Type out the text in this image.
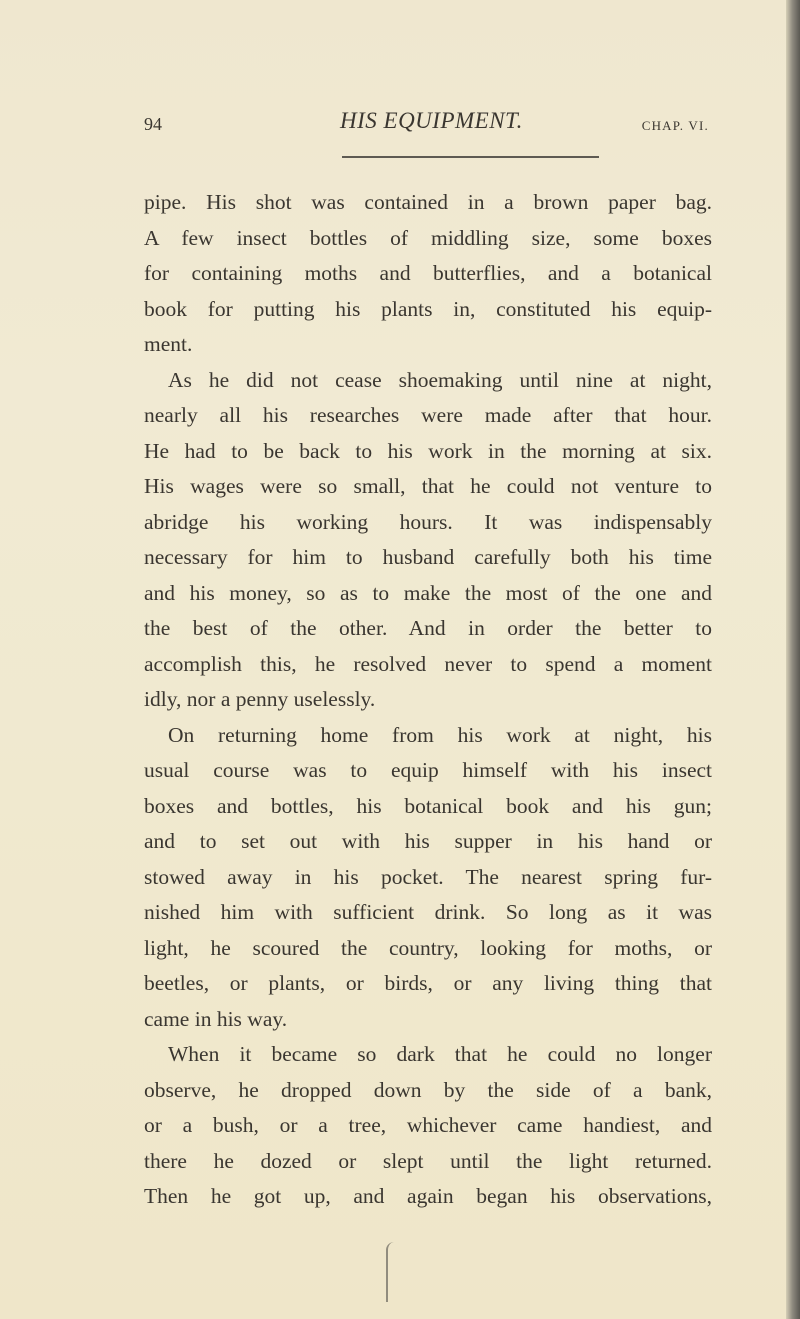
94	HIS EQUIPMENT.	CHAP. VI.
pipe. His shot was contained in a brown paper bag.
A few insect bottles of middling size, some boxes
for containing moths and butterflies, and a botanical
book for putting his plants in, constituted his equip-
ment.
As he did not cease shoemaking until nine at night,
nearly all his researches were made after that hour.
He had to be back to his work in the morning at six.
His wages were so small, that he could not venture to
abridge his working hours. It was indispensably
necessary for him to husband carefully both his time
and his money, so as to make the most of the one and
the best of the other. And in order the better to
accomplish this, he resolved never to spend a moment
idly, nor a penny uselessly.
On returning home from his work at night, his
usual course was to equip himself with his insect
boxes and bottles, his botanical book and his gun;
and to set out with his supper in his hand or
stowed away in his pocket. The nearest spring fur-
nished him with sufficient drink. So long as it was
light, he scoured the country, looking for moths, or
beetles, or plants, or birds, or any living thing that
came in his way.
When it became so dark that he could no longer
observe, he dropped down by the side of a bank,
or a bush, or a tree, whichever came handiest, and
there he dozed or slept until the light returned.
Then he got up, and again began his observations,
